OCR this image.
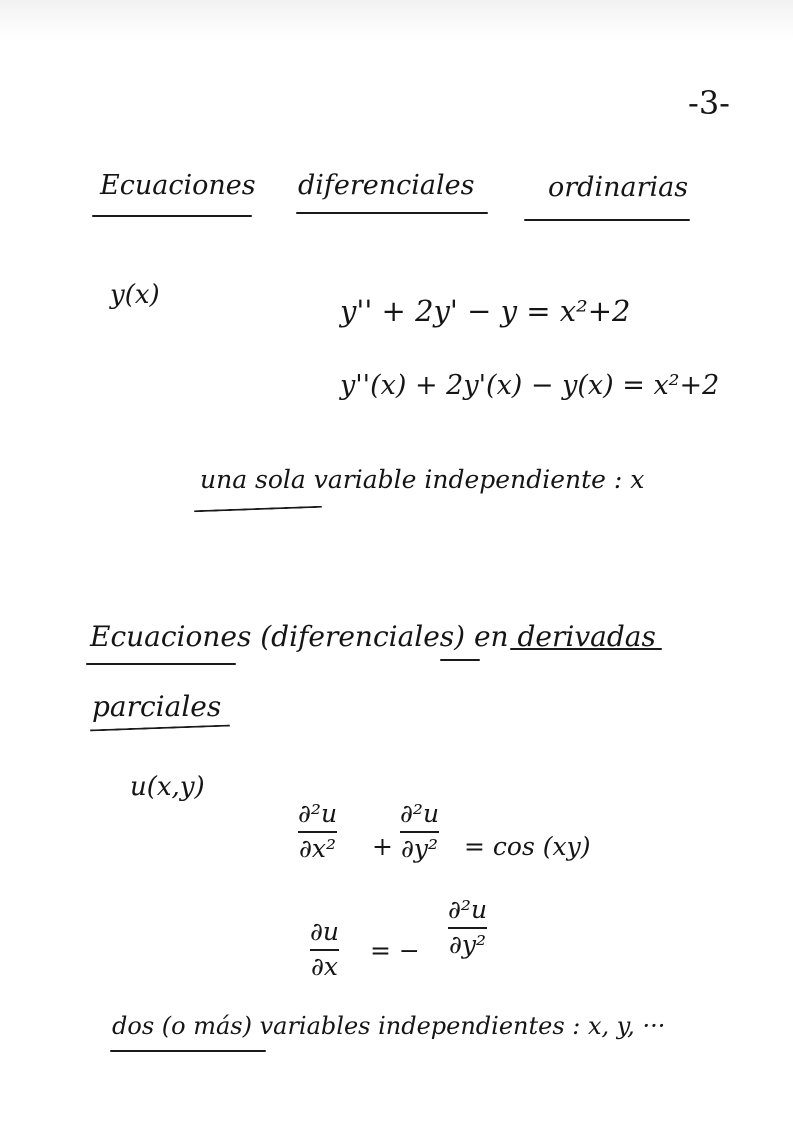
-3-
Ecuaciones diferenciales	ordinarias
y(x)	y'' + 2y' − y = x²+2
y''(x) + 2y'(x) − y(x) = x²+2
una sola variable independiente : x
Ecuaciones (diferenciales) en derivadas
parciales
u(x,y)
∂²u
∂x² +
∂²u
∂y² = cos (xy)
∂u
∂x
= −
∂²u
∂y²
dos (o más) variables independientes : x, y, ···
